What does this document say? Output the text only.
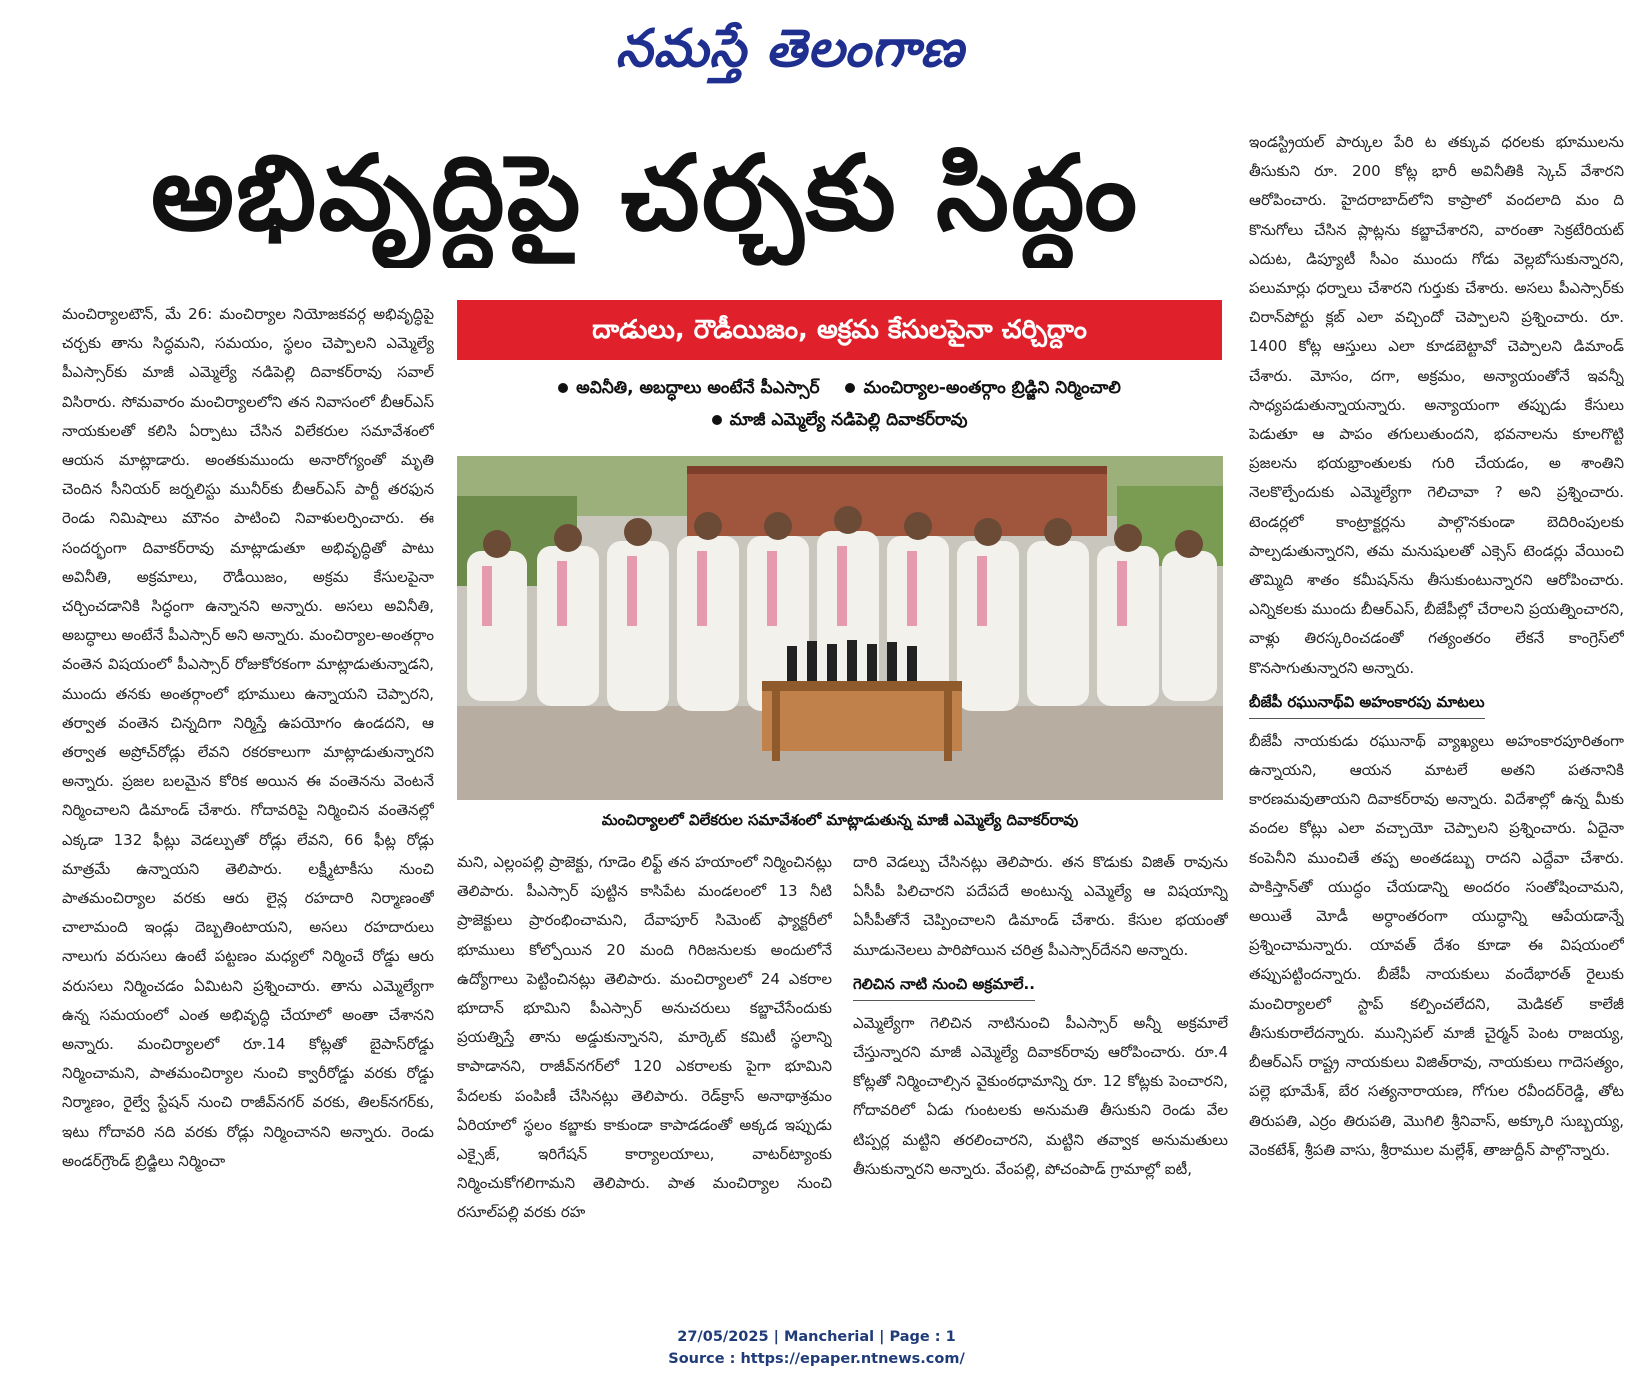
నమస్తే తెలంగాణ
అభివృద్ధిపై చర్చకు సిద్ధం

మంచిర్యాలటౌన్, మే 26: మంచిర్యాల నియోజకవర్గ అభివృద్ధిపై చర్చకు తాను సిద్ధమని, సమయం, స్థలం చెప్పాలని ఎమ్మెల్యే పీఎస్సార్‌కు మాజీ ఎమ్మెల్యే నడిపెల్లి దివాకర్‌రావు సవాల్ విసిరారు. సోమవారం మంచిర్యాలలోని తన నివాసంలో బీఆర్‌ఎస్ నాయకులతో కలిసి ఏర్పాటు చేసిన విలేకరుల సమావేశంలో ఆయన మాట్లాడారు. అంతకుముందు అనారోగ్యంతో మృతి చెందిన సీనియర్ జర్నలిస్టు మునీర్‌కు బీఆర్‌ఎస్ పార్టీ తరఫున రెండు నిమిషాలు మౌనం పాటించి నివాళులర్పించారు. ఈ సందర్భంగా దివాకర్‌రావు మాట్లాడుతూ అభివృద్ధితో పాటు అవినీతి, అక్రమాలు, రౌడీయిజం, అక్రమ కేసులపైనా చర్చించడానికి సిద్ధంగా ఉన్నానని అన్నారు. అసలు అవినీతి, అబద్ధాలు అంటేనే పీఎస్సార్ అని అన్నారు. మంచిర్యాల-అంతర్గాం వంతెన విషయంలో పీఎస్సార్ రోజుకోరకంగా మాట్లాడుతున్నాడని, ముందు తనకు అంతర్గాంలో భూములు ఉన్నాయని చెప్పారని, తర్వాత వంతెన చిన్నదిగా నిర్మిస్తే ఉపయోగం ఉండదని, ఆ తర్వాత అప్రోచ్‌రోడ్లు లేవని రకరకాలుగా మాట్లాడుతున్నారని అన్నారు. ప్రజల బలమైన కోరిక అయిన ఈ వంతెనను వెంటనే నిర్మించాలని డిమాండ్ చేశారు. గోదావరిపై నిర్మించిన వంతెనల్లో ఎక్కడా 132 ఫీట్లు వెడల్పుతో రోడ్లు లేవని, 66 ఫీట్ల రోడ్లు మాత్రమే ఉన్నాయని తెలిపారు. లక్ష్మీటాకీసు నుంచి పాతమంచిర్యాల వరకు ఆరు లైన్ల రహదారి నిర్మాణంతో చాలామంది ఇండ్లు దెబ్బతింటాయని, అసలు రహదారులు నాలుగు వరుసలు ఉంటే పట్టణం మధ్యలో నిర్మించే రోడ్డు ఆరు వరుసలు నిర్మించడం ఏమిటని ప్రశ్నించారు. తాను ఎమ్మెల్యేగా ఉన్న సమయంలో ఎంత అభివృద్ధి చేయాలో అంతా చేశానని అన్నారు. మంచిర్యాలలో రూ.14 కోట్లతో బైపాస్‌రోడ్డు నిర్మించామని, పాతమంచిర్యాల నుంచి క్వారీరోడ్డు వరకు రోడ్డు నిర్మాణం, రైల్వే స్టేషన్ నుంచి రాజీవ్‌నగర్ వరకు, తిలక్‌నగర్‌కు, ఇటు గోదావరి నది వరకు రోడ్లు నిర్మించానని అన్నారు. రెండు అండర్‌గ్రౌండ్ బ్రిడ్జిలు నిర్మించా

దాడులు, రౌడీయిజం, అక్రమ కేసులపైనా చర్చిద్దాం
అవినీతి, అబద్ధాలు అంటేనే పీఎస్సార్	మంచిర్యాల-అంతర్గాం బ్రిడ్జిని నిర్మించాలి
మాజీ ఎమ్మెల్యే నడిపెల్లి దివాకర్‌రావు
మంచిర్యాలలో విలేకరుల సమావేశంలో మాట్లాడుతున్న మాజీ ఎమ్మెల్యే దివాకర్‌రావు

మని, ఎల్లంపల్లి ప్రాజెక్టు, గూడెం లిఫ్ట్ తన హయాంలో నిర్మించినట్లు తెలిపారు. పీఎస్సార్ పుట్టిన కాసిపేట మండలంలో 13 నీటి ప్రాజెక్టులు ప్రారంభించామని, దేవాపూర్ సిమెంట్ ఫ్యాక్టరీలో భూములు కోల్పోయిన 20 మంది గిరిజనులకు అందులోనే ఉద్యోగాలు పెట్టించినట్లు తెలిపారు. మంచిర్యాలలో 24 ఎకరాల భూదాన్ భూమిని పీఎస్సార్ అనుచరులు కబ్జాచేసేందుకు ప్రయత్నిస్తే తాను అడ్డుకున్నానని, మార్కెట్ కమిటీ స్థలాన్ని కాపాడానని, రాజీవ్‌నగర్‌లో 120 ఎకరాలకు పైగా భూమిని పేదలకు పంపిణీ చేసినట్లు తెలిపారు. రెడ్‌క్రాస్ అనాథాశ్రమం ఏరియాలో స్థలం కబ్జాకు కాకుండా కాపాడడంతో అక్కడ ఇప్పుడు ఎక్సైజ్, ఇరిగేషన్ కార్యాలయాలు, వాటర్‌ట్యాంకు నిర్మించుకోగలిగామని తెలిపారు. పాత మంచిర్యాల నుంచి రసూల్‌పల్లి వరకు రహ

దారి వెడల్పు చేసినట్లు తెలిపారు. తన కొడుకు విజిత్ రావును ఏసీపీ పిలిచారని పదేపదే అంటున్న ఎమ్మెల్యే ఆ విషయాన్ని ఏసీపీతోనే చెప్పించాలని డిమాండ్ చేశారు. కేసుల భయంతో మూడునెలలు పారిపోయిన చరిత్ర పీఎస్సార్‌దేనని అన్నారు.

గెలిచిన నాటి నుంచి అక్రమాలే..

ఎమ్మెల్యేగా గెలిచిన నాటినుంచి పీఎస్సార్ అన్నీ అక్రమాలే చేస్తున్నారని మాజీ ఎమ్మెల్యే దివాకర్‌రావు ఆరోపించారు. రూ.4 కోట్లతో నిర్మించాల్సిన వైకుంఠధామాన్ని రూ. 12 కోట్లకు పెంచారని, గోదావరిలో ఏడు గుంటలకు అనుమతి తీసుకుని రెండు వేల టిప్పర్ల మట్టిని తరలించారని, మట్టిని తవ్వాక అనుమతులు తీసుకున్నారని అన్నారు. వేంపల్లి, పోచంపాడ్ గ్రామాల్లో ఐటీ,

ఇండస్ట్రియల్ పార్కుల పేరి ట తక్కువ ధరలకు భూములను తీసుకుని రూ. 200 కోట్ల భారీ అవినీతికి స్కెచ్ వేశారని ఆరోపించారు. హైదరాబాద్‌లోని కాప్రాలో వందలాది మం ది కొనుగోలు చేసిన ప్లాట్లను కబ్జాచేశారని, వారంతా సెక్రటేరియట్ ఎదుట, డిప్యూటీ సీఎం ముందు గోడు వెల్లబోసుకున్నారని, పలుమార్లు ధర్నాలు చేశారని గుర్తుకు చేశారు. అసలు పీఎస్సార్‌కు చిరాన్‌పోర్టు క్లబ్ ఎలా వచ్చిందో చెప్పాలని ప్రశ్నించారు. రూ. 1400 కోట్ల ఆస్తులు ఎలా కూడబెట్టావో చెప్పాలని డిమాండ్ చేశారు. మోసం, దగా, అక్రమం, అన్యాయంతోనే ఇవన్నీ సాధ్యపడుతున్నాయన్నారు. అన్యాయంగా తప్పుడు కేసులు పెడుతూ ఆ పాపం తగులుతుందని, భవనాలను కూలగొట్టి ప్రజలను భయభ్రాంతులకు గురి చేయడం, అ శాంతిని నెలకొల్పేందుకు ఎమ్మెల్యేగా గెలిచావా ? అని ప్రశ్నించారు. టెండర్లలో కాంట్రాక్టర్లను పాల్గొనకుండా బెదిరింపులకు పాల్పడుతున్నారని, తమ మనుషులతో ఎక్సెస్ టెండర్లు వేయించి తొమ్మిది శాతం కమీషన్‌ను తీసుకుంటున్నారని ఆరోపించారు. ఎన్నికలకు ముందు బీఆర్‌ఎస్, బీజేపీల్లో చేరాలని ప్రయత్నించారని, వాళ్లు తిరస్కరించడంతో గత్యంతరం లేకనే కాంగ్రెస్‌లో కొనసాగుతున్నారని అన్నారు.

బీజేపీ రఘునాథ్‌వి అహంకారపు మాటలు

బీజేపీ నాయకుడు రఘునాథ్ వ్యాఖ్యలు అహంకారపూరితంగా ఉన్నాయని, ఆయన మాటలే అతని పతనానికి కారణమవుతాయని దివాకర్‌రావు అన్నారు. విదేశాల్లో ఉన్న మీకు వందల కోట్లు ఎలా వచ్చాయో చెప్పాలని ప్రశ్నించారు. ఏదైనా కంపెనీని ముంచితే తప్ప అంతడబ్బు రాదని ఎద్దేవా చేశారు. పాకిస్తాన్‌తో యుద్ధం చేయడాన్ని అందరం సంతోషించామని, అయితే మోడీ అర్ధాంతరంగా యుద్ధాన్ని ఆపేయడాన్నే ప్రశ్నించామన్నారు. యావత్ దేశం కూడా ఈ విషయంలో తప్పుపట్టిందన్నారు. బీజేపీ నాయకులు వందేభారత్ రైలుకు మంచిర్యాలలో స్టాప్ కల్పించలేదని, మెడికల్ కాలేజీ తీసుకురాలేదన్నారు. మున్సిపల్ మాజీ చైర్మన్ పెంట రాజయ్య, బీఆర్‌ఎస్ రాష్ట్ర నాయకులు విజిత్‌రావు, నాయకులు గాదెసత్యం, పల్లె భూమేశ్, బేర సత్యనారాయణ, గోగుల రవీందర్‌రెడ్డి, తోట తిరుపతి, ఎర్రం తిరుపతి, మొగిలి శ్రీనివాస్, అక్కూరి సుబ్బయ్య, వెంకటేశ్, శ్రీపతి వాసు, శ్రీరాముల మల్లేశ్, తాజుద్దీన్ పాల్గొన్నారు.

27/05/2025 | Mancherial | Page : 1
Source : https://epaper.ntnews.com/
